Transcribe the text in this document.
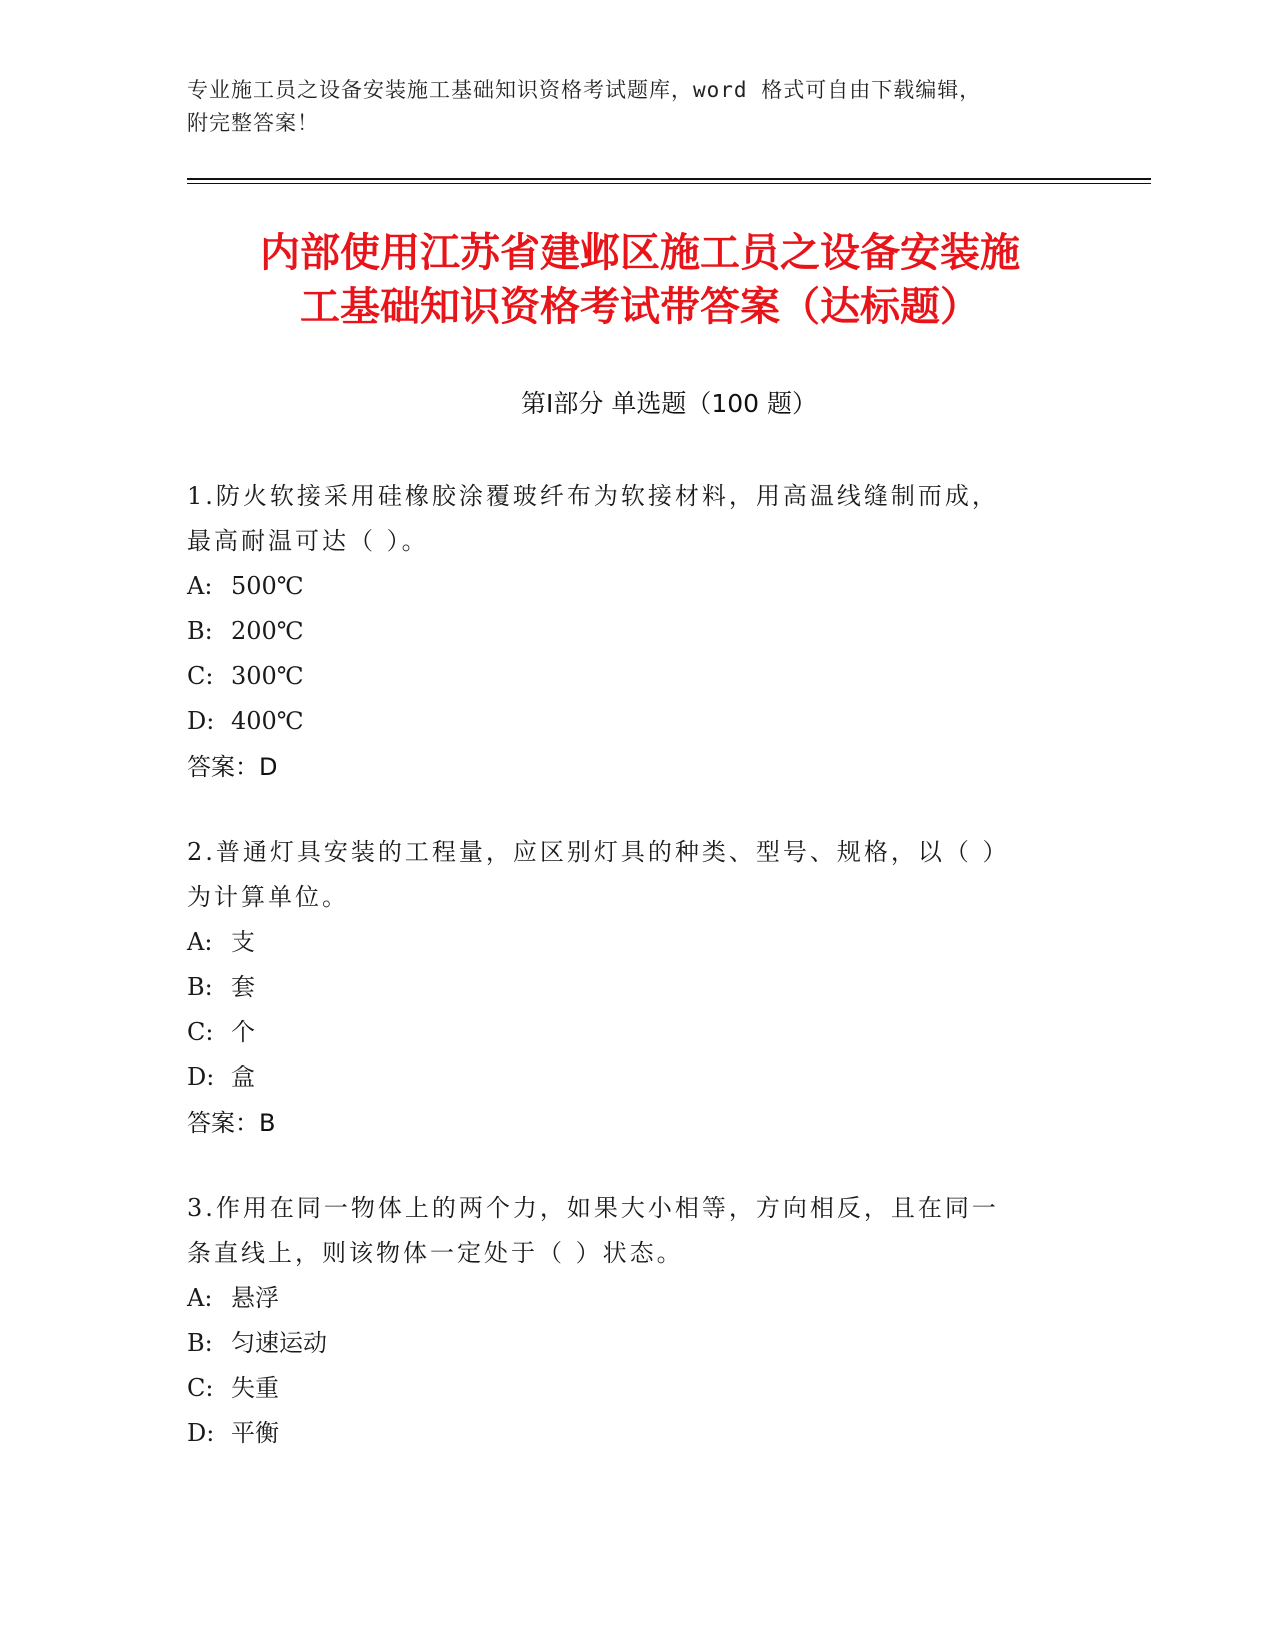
专业施工员之设备安装施工基础知识资格考试题库，word 格式可自由下载编辑，
附完整答案！
内部使用江苏省建邺区施工员之设备安装施
工基础知识资格考试带答案（达标题）
第Ⅰ部分 单选题（100 题）
1.防火软接采用硅橡胶涂覆玻纤布为软接材料，用高温线缝制而成，
最高耐温可达（ ）。
A: 500℃
B: 200℃
C: 300℃
D: 400℃
答案：D
2.普通灯具安装的工程量，应区别灯具的种类、型号、规格，以（ ）
为计算单位。
A: 支
B: 套
C: 个
D: 盒
答案：B
3.作用在同一物体上的两个力，如果大小相等，方向相反，且在同一
条直线上，则该物体一定处于（ ）状态。
A: 悬浮
B: 匀速运动
C: 失重
D: 平衡
